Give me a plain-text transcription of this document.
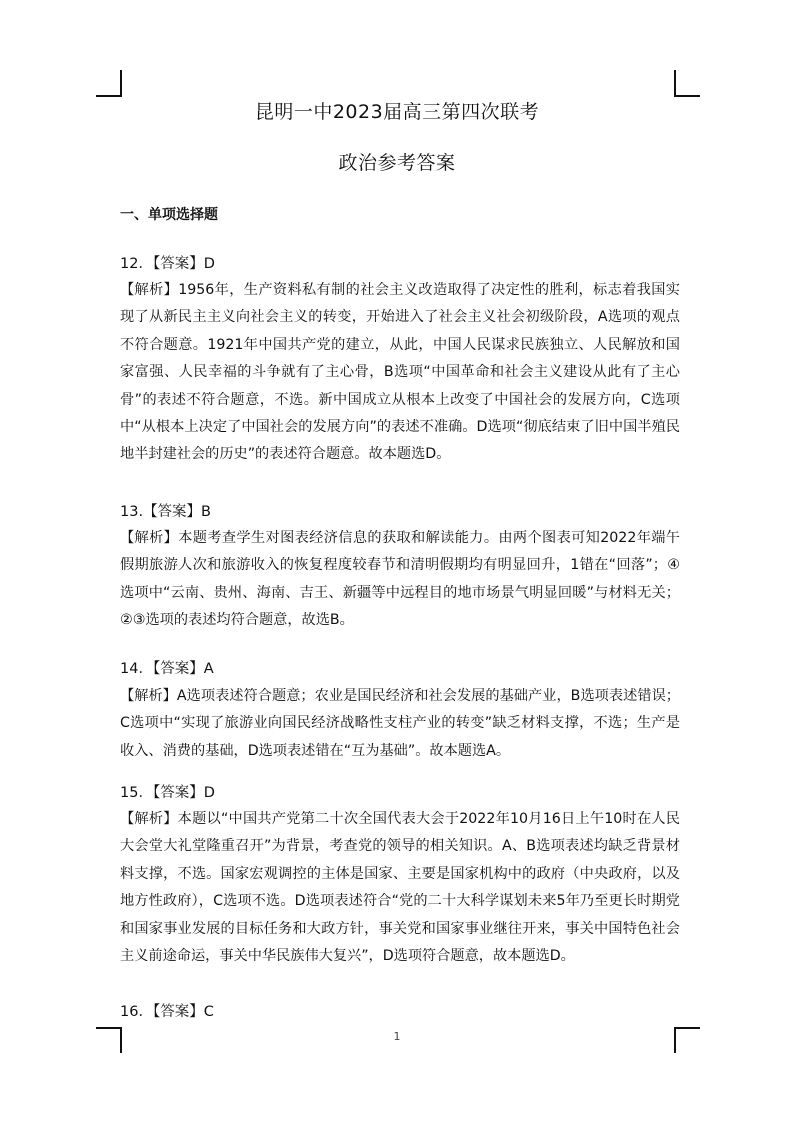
昆明一中2023届高三第四次联考
政治参考答案
一、单项选择题
12．【答案】D
【解析】1956年，生产资料私有制的社会主义改造取得了决定性的胜利，标志着我国实现了从新民主主义向社会主义的转变，开始进入了社会主义社会初级阶段，A选项的观点不符合题意。1921年中国共产党的建立，从此，中国人民谋求民族独立、人民解放和国家富强、人民幸福的斗争就有了主心骨，B选项“中国革命和社会主义建设从此有了主心骨”的表述不符合题意，不选。新中国成立从根本上改变了中国社会的发展方向，C选项中“从根本上决定了中国社会的发展方向”的表述不准确。D选项“彻底结束了旧中国半殖民地半封建社会的历史”的表述符合题意。故本题选D。
13.【答案】B
【解析】本题考查学生对图表经济信息的获取和解读能力。由两个图表可知2022年端午假期旅游人次和旅游收入的恢复程度较春节和清明假期均有明显回升，1错在“回落”；④选项中“云南、贵州、海南、吉王、新疆等中远程目的地市场景气明显回暖”与材料无关；②③选项的表述均符合题意，故选B。
14．【答案】A
【解析】A选项表述符合题意；农业是国民经济和社会发展的基础产业，B选项表述错误；C选项中“实现了旅游业向国民经济战略性支柱产业的转变”缺乏材料支撑，不选；生产是收入、消费的基础，D选项表述错在“互为基础”。故本题选A。
15．【答案】D
【解析】本题以“中国共产党第二十次全国代表大会于2022年10月16日上午10时在人民大会堂大礼堂隆重召开”为背景，考查党的领导的相关知识。A、B选项表述均缺乏背景材料支撑，不选。国家宏观调控的主体是国家、主要是国家机构中的政府（中央政府，以及地方性政府），C选项不选。D选项表述符合“党的二十大科学谋划未来5年乃至更长时期党和国家事业发展的目标任务和大政方针，事关党和国家事业继往开来，事关中国特色社会主义前途命运，事关中华民族伟大复兴”，D选项符合题意，故本题选D。
16．【答案】C
1
